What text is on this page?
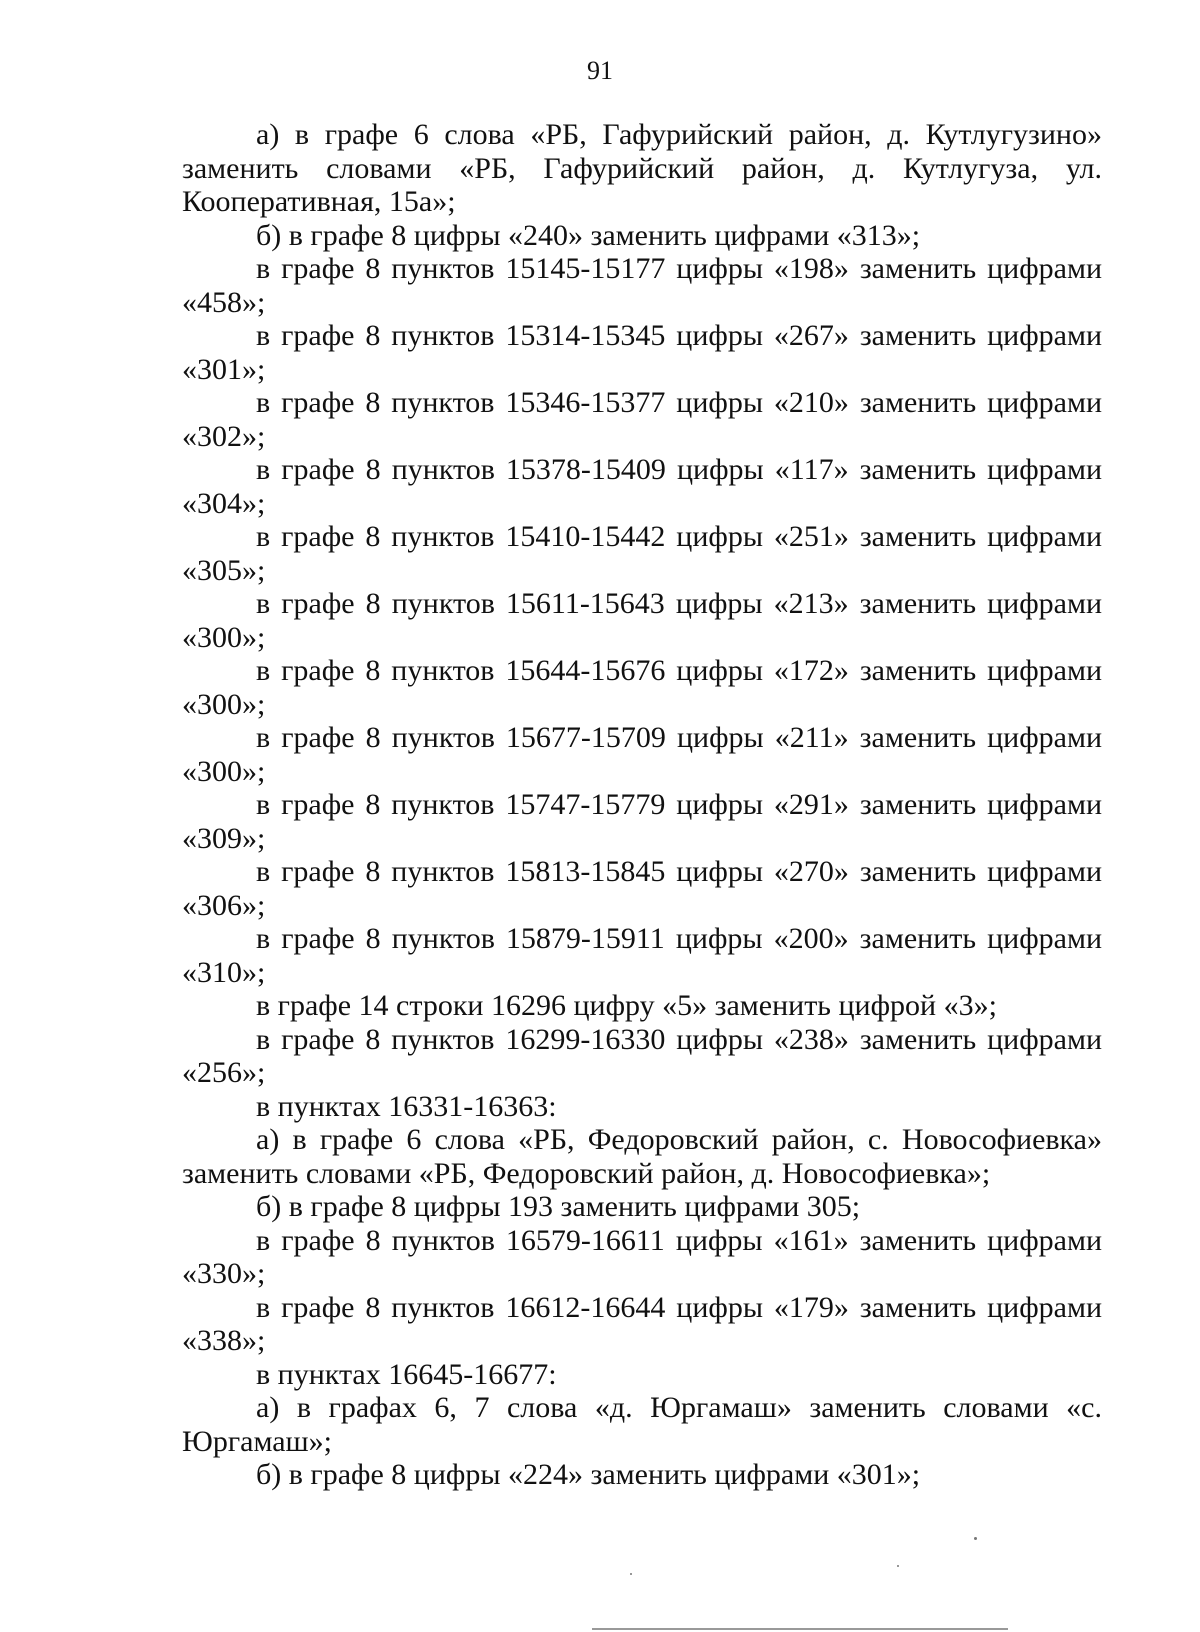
91

а) в графе 6 слова «РБ, Гафурийский район, д. Кутлугузино» заменить словами «РБ, Гафурийский район, д. Кутлугуза, ул. Кооперативная, 15а»;

б) в графе 8 цифры «240» заменить цифрами «313»;

в графе 8 пунктов 15145-15177 цифры «198» заменить цифрами «458»;

в графе 8 пунктов 15314-15345 цифры «267» заменить цифрами «301»;

в графе 8 пунктов 15346-15377 цифры «210» заменить цифрами «302»;

в графе 8 пунктов 15378-15409 цифры «117» заменить цифрами «304»;

в графе 8 пунктов 15410-15442 цифры «251» заменить цифрами «305»;

в графе 8 пунктов 15611-15643 цифры «213» заменить цифрами «300»;

в графе 8 пунктов 15644-15676 цифры «172» заменить цифрами «300»;

в графе 8 пунктов 15677-15709 цифры «211» заменить цифрами «300»;

в графе 8 пунктов 15747-15779 цифры «291» заменить цифрами «309»;

в графе 8 пунктов 15813-15845 цифры «270» заменить цифрами «306»;

в графе 8 пунктов 15879-15911 цифры «200» заменить цифрами «310»;

в графе 14 строки 16296 цифру «5» заменить цифрой «3»;

в графе 8 пунктов 16299-16330 цифры «238» заменить цифрами «256»;

в пунктах 16331-16363:

а) в графе 6 слова «РБ, Федоровский район, с. Новософиевка» заменить словами «РБ, Федоровский район, д. Новософиевка»;

б) в графе 8 цифры 193 заменить цифрами 305;

в графе 8 пунктов 16579-16611 цифры «161» заменить цифрами «330»;

в графе 8 пунктов 16612-16644 цифры «179» заменить цифрами «338»;

в пунктах 16645-16677:

а) в графах 6, 7 слова «д. Юргамаш» заменить словами «с. Юргамаш»;

б) в графе 8 цифры «224» заменить цифрами «301»;
